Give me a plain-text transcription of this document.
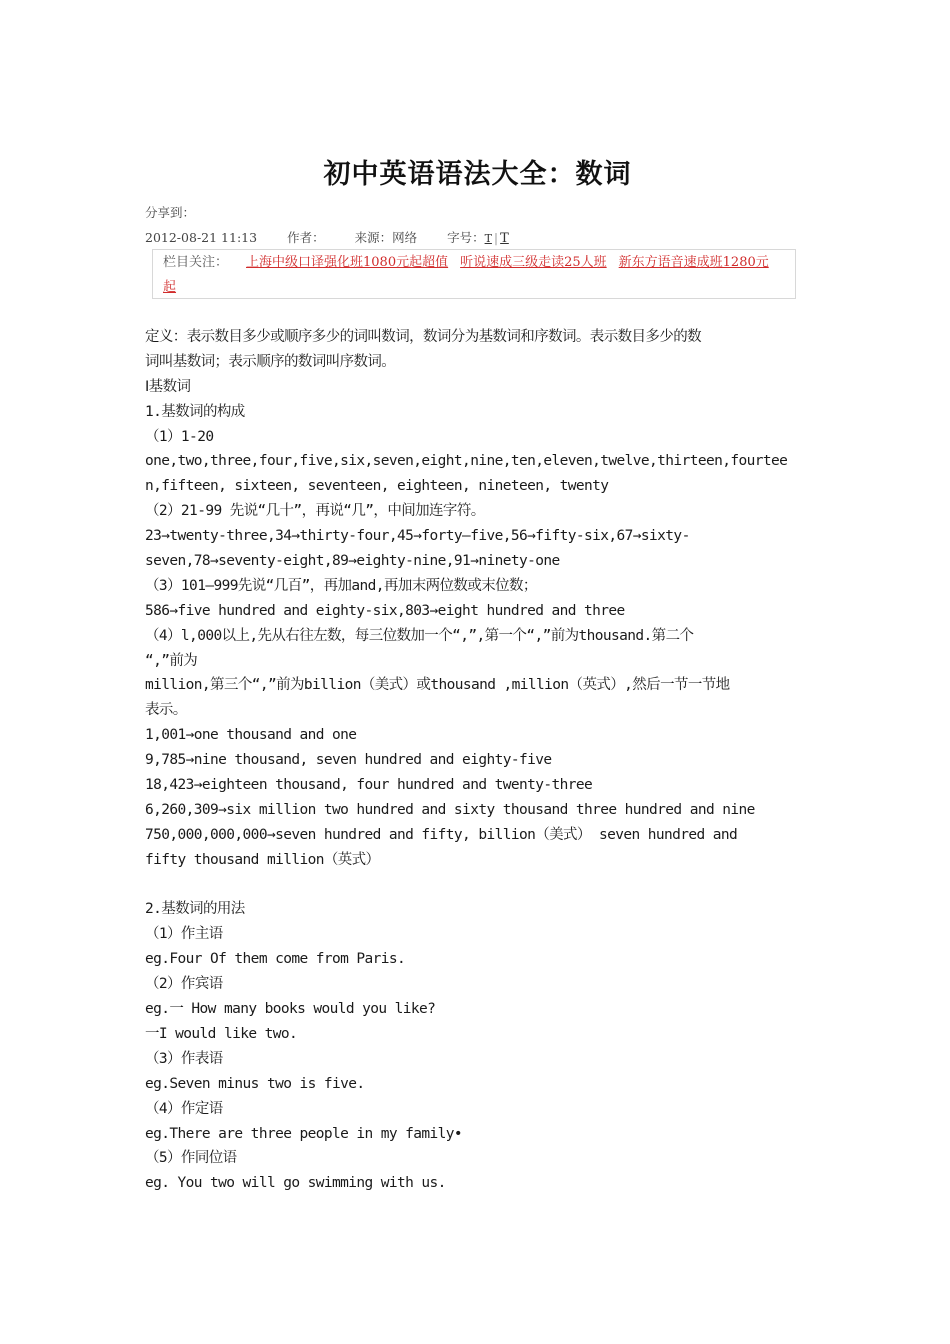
初中英语语法大全：数词
分享到：
2012-08-21 11:13 作者： 来源：网络 字号：T | T
栏目关注： 上海中级口译强化班1080元起超值 听说速成三级走读25人班 新东方语音速成班1280元起
定义：表示数目多少或顺序多少的词叫数词，数词分为基数词和序数词。表示数目多少的数
词叫基数词；表示顺序的数词叫序数词。
Ⅰ基数词
1.基数词的构成
（1）1-20
one,two,three,four,five,six,seven,eight,nine,ten,eleven,twelve,thirteen,fourtee
n,fifteen, sixteen, seventeen, eighteen, nineteen, twenty
（2）21-99 先说“几十”，再说“几”，中间加连字符。
23→twenty-three,34→thirty-four,45→forty—five,56→fifty-six,67→sixty-
seven,78→seventy-eight,89→eighty-nine,91→ninety-one
（3）101—999先说“几百”，再加and,再加末两位数或末位数；
586→five hundred and eighty-six,803→eight hundred and three
（4）l,000以上,先从右往左数，每三位数加一个“,”,第一个“,”前为thousand.第二个
“,”前为
million,第三个“,”前为billion（美式）或thousand ,million（英式）,然后一节一节地
表示。
1,001→one thousand and one
9,785→nine thousand, seven hundred and eighty-five
18,423→eighteen thousand, four hundred and twenty-three
6,260,309→six million two hundred and sixty thousand three hundred and nine
750,000,000,000→seven hundred and fifty, billion（美式） seven hundred and
fifty thousand million（英式）
2.基数词的用法
（1）作主语
eg.Four Of them come from Paris.
（2）作宾语
eg.一 How many books would you like?
一I would like two.
（3）作表语
eg.Seven minus two is five.
（4）作定语
eg.There are three people in my family•
（5）作同位语
eg. You two will go swimming with us.
